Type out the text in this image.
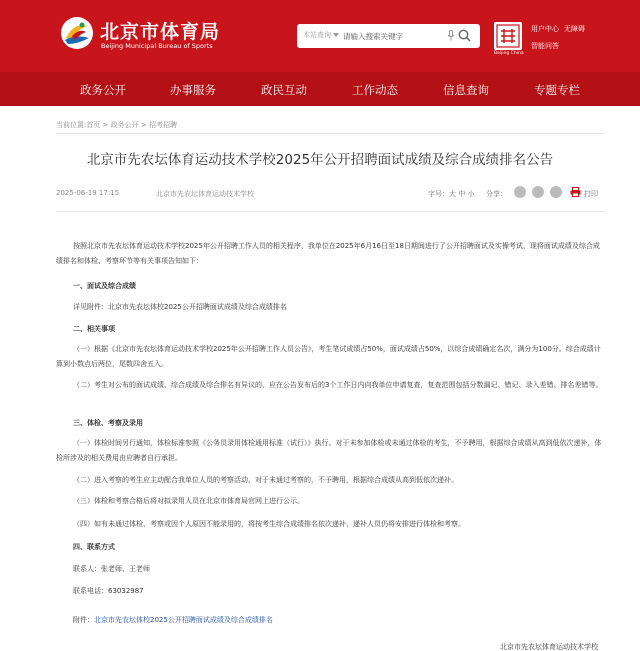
北京市体育局
Beijing Municipal Bureau of Sports
本站查询
请输入搜索关键字
Beijing China
用户中心 无障碍
智能问答
政务公开	办事服务	政民互动	工作动态	信息查询	专题专栏
当前位置:首页 > 政务公开 > 招考招聘
北京市先农坛体育运动技术学校2025年公开招聘面试成绩及综合成绩排名公告
2025-06-19 17:15	北京市先农坛体育运动技术学校	字号：大 中 小 分享：	打印
按照北京市先农坛体育运动技术学校2025年公开招聘工作人员的相关程序，我单位在2025年6月16日至18日期间进行了公开招聘面试及实操考试，现将面试成绩及综合成绩排名和体检、考察环节等有关事项告知如下：
一、面试及综合成绩
详见附件：北京市先农坛体校2025公开招聘面试成绩及综合成绩排名
二、相关事项
（一）根据《北京市先农坛体育运动技术学校2025年公开招聘工作人员公告》，考生笔试成绩占50%，面试成绩占50%，以综合成绩确定名次，满分为100分。综合成绩计算到小数点后两位，尾数四舍五入。
（二）考生对公布的面试成绩、综合成绩及综合排名有异议的，应在公告发布后的3个工作日内向我单位申请复查，复查范围包括分数漏记、错记、录入差错、排名差错等。
三、体检、考察及录用
（一）体检时间另行通知，体检标准参照《公务员录用体检通用标准（试行）》执行。对于未参加体检或未通过体检的考生，不予聘用，根据综合成绩从高到低依次递补，体检所涉及的相关费用由应聘者自行承担。
（二）进入考察的考生应主动配合我单位人员的考察活动，对于未通过考察的，不予聘用，根据综合成绩从高到低依次递补。
（三）体检和考察合格后将对拟录用人员在北京市体育局官网上进行公示。
（四）如有未通过体检、考察或因个人原因不能录用的，将按考生综合成绩排名依次递补，递补人员仍将安排进行体检和考察。
四、联系方式
联系人：张老师、王老师
联系电话：63032987
附件：北京市先农坛体校2025公开招聘面试成绩及综合成绩排名
北京市先农坛体育运动技术学校
